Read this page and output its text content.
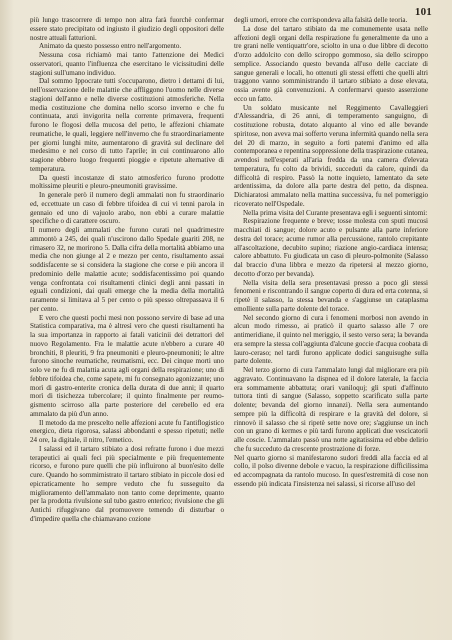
101

più lungo trascorrere di tempo non altra farà fuorchè confermar essere stato precipitato od ingiusto il giudizio degli oppositori delle nostre attuali fatturioni.

Animato da questo possesso entro nell'argomento.

Nessuna cosa richiamò mai tanto l'attenzione dei Medici osservatori, quanto l'influenza che esercitano le vicissitudini delle stagioni sull'umano individuo.

Dal sommo Ippocrate tutti s'occuparono, dietro i dettami di lui, nell'osservazione delle malattie che affliggono l'uomo nelle diverse stagioni dell'anno e nelle diverse costituzioni atmosferiche. Nella media costituzione che domina nello scorso inverno e che fu continuata, anzi invigorita nella corrente primavera, frequenti furono le flogosi della mucosa del petto, le affezioni chiamate reumatiche, le quali, leggiere nell'inverno che fu straordinariamente per giorni lunghi mite, aumentarono di gravità sul declinare del medesimo e nel corso di tutto l'aprile; in cui continuarono allo stagione ebbero luogo frequenti pioggie e ripetute alternative di temperatura.

Da questi incostanze di stato atmosferico furono prodotte moltissime pleuriti e pleuro-pneumoniti gravissime.

In generale però il numero degli ammalati non fu straordinario ed, eccettuate un caso di febbre tifoidea di cui vi tenni parola in gennaio ed uno di vajuolo arabo, non ebbi a curare malattie specifiche o di carattere oscuro.

Il numero degli ammalati che furono curati nel quadrimestre ammontò a 245, dei quali n'uscirono dallo Spedale guariti 208, ne rimasero 32, ne morirono 5. Dalla cifra della mortalità abbiamo una media che non giunge al 2 e mezzo per cento, risultamento assai soddisfacente se si considera la stagione che corse e più ancora il predominio delle malattie acute; soddisfacentissimo poi quando venga confrontata coi risultamenti clinici degli anni passati in eguali condizioni, dai quali emerge che la media della mortalità raramente si limitava al 5 per cento o più spesso oltrepassava il 6 per cento.

E vero che questi pochi mesi non possono servire di base ad una Statistica comparativa, ma è altresì vero che questi risultamenti ha la sua importanza in rapporto ai fatali vaticinii dei detrattori del nuovo Regolamento. Fra le malattie acute n'ebbero a curare 40 bronchiti, 8 pleuriti, 9 fra pneumoniti e pleuro-pneumoniti; le altre furono sinoche reumatiche, reumatismi, ecc. Dei cinque morti uno solo ve ne fu di malattia acuta agli organi della respirazione; uno di febbre tifoidea che, come sapete, mi fu consegnato agonizzante; uno morì di gastro-enterite cronica della durata di due anni; il quarto morì di tisichezza tubercolare; il quinto finalmente per reumo-gismento scirroso alla parte posteriore del cerebello ed era ammalato da più d'un anno.

Il metodo da me prescelto nelle affezioni acute fu l'antiflogistico energico, dieta rigorosa, salassi abbondanti e spesso ripetuti; nelle 24 ore, la digitale, il nitro, l'emetico.

I salassi ed il tartaro stibiato a dosi refratte furono i due mezzi terapeutici ai quali feci più specialmente e più frequentemente ricorso, e furono pure quelli che più influirono al buon'esito delle cure. Quando ho sommimistrato il tartaro stibiato in piccole dosi ed epicraticamente ho sempre veduto che fu susseguito da miglioramento dell'ammalato non tanto come deprimente, quanto per la prodotta rivulsione sul tubo gastro enterico; rivulsione che gli Antichi rifuggivano dal promuovere temendo di disturbar o d'impedire quella che chiamavano cozione

degli umori, errore che corrispondeva alla falsità delle teoria.

La dose del tartaro stibiato da me comunemente usata nelle affezioni degli organi della respirazione fu generalmente da uno a tre grani nelle ventiquattr'ore, sciolto in una o due libbre di decotto d'orzo addolcito con dello sciroppo gommoso, sia dello sciroppo semplice. Associando questo bevanda all'uso delle cacciate di sangue generali e locali, ho ottenuti gli stessi effetti che quelli altri traggono vanno somministrando il tartaro stibiato a dose elevata, ossia avente già convenuzioni. A confermarvi questo asserzione ecco un fatto.

Un soldato musicante nel Reggimento Cavalleggieri d'Alessandria, di 26 anni, di temperamento sanguigno, di costituzione robusta, dotato alquanto al vino ed alle bevande spiritose, non aveva mai sofferto veruna infermità quando nella sera del 20 di marzo, in seguito a forti patemi d'animo ed alla contemporanea e repentina soppressione della traspirazione cutanea, avendosi nell'esperati all'aria fredda da una camera d'elevata temperatura, fu colto da brividi, succeduti da calore, quindi da difficoltà di respiro. Passò la notte inquieto, lamentato da sete ardentissima, da dolore alla parte destra del petto, da dispnea. Dichiaratosi ammalato nella mattina successiva, fu nel pomeriggio ricoverato nell'Ospedale.

Nella prima visita del Curante presentava egli i seguenti sintomi:

Respirazione frequente e breve; tosse molesta con sputi mucosi macchiati di sangue; dolore acuto e pulsante alla parte inferiore destra del torace; acume rumor alla percussione, rantolo crepitante all'ascoltazione, decubito supino; riazione angio-cardiaca intensa; calore abbattuto. Fu giudicata un caso di pleuro-polmonite (Salasso dal braccio d'una libbra e mezzo da ripetersi al mezzo giorno, decotto d'orzo per bevanda).

Nella visita della sera presentavasi presso a poco gli stessi fenomeni e riscontrando il sangue coperto di dura ed erta cotenna, si ripetè il salasso, la stessa bevanda e s'aggiunse un cataplasma emolliente sulla parte dolente del torace.

Nel secondo giorno di cura i fenomeni morbosi non avendo in alcun modo rimesso, ai praticò il quarto salasso alle 7 ore antimeridiane, il quinto nel meriggio, il sesto verso sera; la bevanda era sempre la stessa coll'aggiunta d'alcune goccie d'acqua coobata di lauro-ceraso; nel tardi furono applicate dodici sanguisughe sulla parte dolente.

Nel terzo giorno di cura l'ammalato lungi dal migliorare era più aggravato. Continuavano la dispnea ed il dolore laterale, la faccia era sommamente abbattuta; orari vaniloquj; gli sputi d'affinuto tuttora tinti di sangue (Salasso, soppetto scarificato sulla parte dolente; bevanda del giorno innanzi). Nella sera aumentando sempre più la difficoltà di respirare e la gravità del dolore, si rinnovò il salasso che si ripetè sette nove ore; s'aggiunse un inch con un grano di kermes e più tardi furono applicati due vescicatorii alle coscie. L'ammalato passò una notte agitatissima ed ebbe delirio che fu succeduto da crescente prostrazione di forze.

Nel quarto giorno si manifestarono sudori freddi alla faccia ed al collo, il polso divenne debole e vacuo, la respirazione difficilissima ed accompagnata da rantolo mucoso. In quest'estremità di cose non essendo più indicata l'insistenza nei salassi, si ricorse all'uso del
